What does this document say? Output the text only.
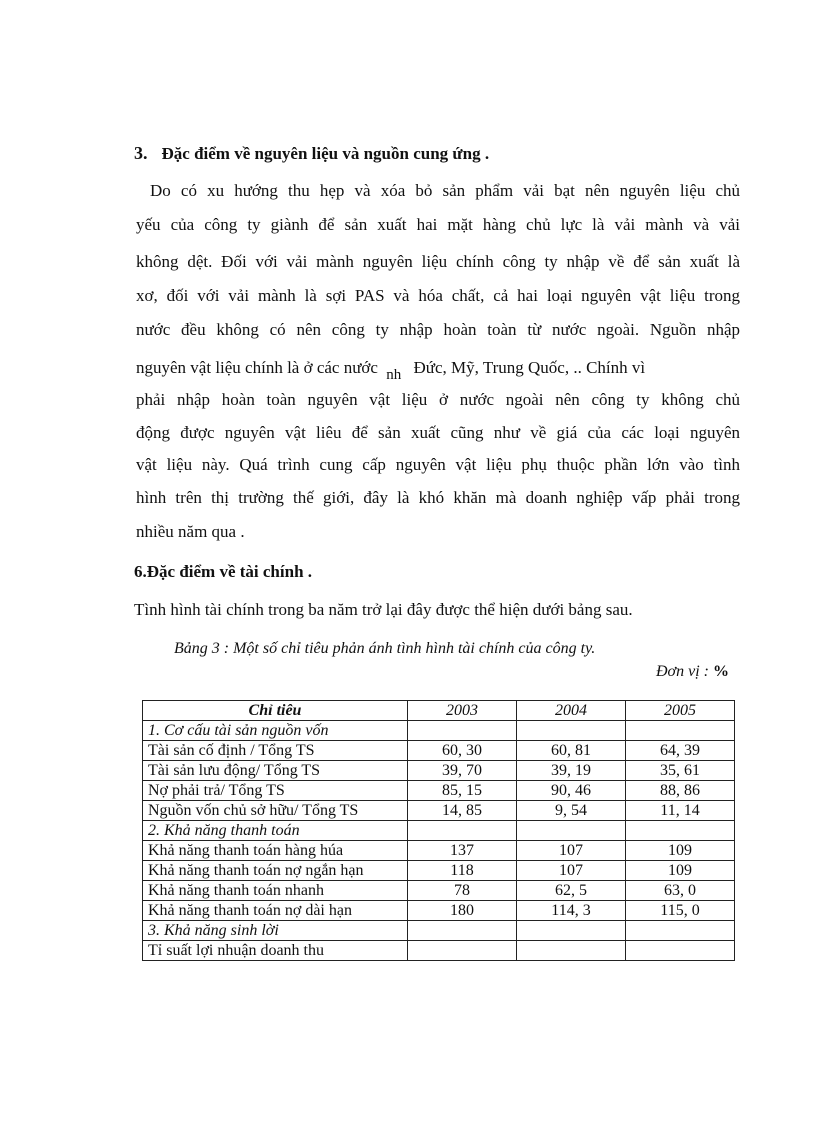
3. Đặc điểm về nguyên liệu và nguồn cung ứng .
Do có xu hướng thu hẹp và xóa bỏ sản phẩm vải bạt nên nguyên liệu chủ
yếu của công ty giành để sản xuất hai mặt hàng chủ lực là vải mành và vải
không dệt. Đối với vải mành nguyên liệu chính công ty nhập về để sản xuất là
xơ, đối với vải mành là sợi PAS và hóa chất, cả hai loại nguyên vật liệu trong
nước đều không có nên công ty nhập hoàn toàn từ nước ngoài. Nguồn nhập
nguyên vật liệu chính là ở các nước nh Đức, Mỹ, Trung Quốc, .. Chính vì
phải nhập hoàn toàn nguyên vật liệu ở nước ngoài nên công ty không chủ
động được nguyên vật liêu để sản xuất cũng như về giá của các loại nguyên
vật liệu này. Quá trình cung cấp nguyên vật liệu phụ thuộc phần lớn vào tình
hình trên thị trường thế giới, đây là khó khăn mà doanh nghiệp vấp phải trong
nhiều năm qua .
6.Đặc điểm về tài chính .
Tình hình tài chính trong ba năm trở lại đây được thể hiện dưới bảng sau.
Bảng 3 : Một số chỉ tiêu phản ánh tình hình tài chính của công ty.
Đơn vị : %
Chỉ tiêu	2003	2004	2005
1. Cơ cấu tài sản nguồn vốn			
Tài sản cố định / Tổng TS	60, 30	60, 81	64, 39
Tài sản lưu động/ Tổng TS	39, 70	39, 19	35, 61
Nợ phải trả/ Tổng TS	85, 15	90, 46	88, 86
Nguồn vốn chủ sở hữu/ Tổng TS	14, 85	9, 54	11, 14
2. Khả năng thanh toán			
Khả năng thanh toán hàng húa	137	107	109
Khả năng thanh toán nợ ngắn hạn	118	107	109
Khả năng thanh toán nhanh	78	62, 5	63, 0
Khả năng thanh toán nợ dài hạn	180	114, 3	115, 0
3. Khả năng sinh lời			
Tỉ suất lợi nhuận doanh thu			
